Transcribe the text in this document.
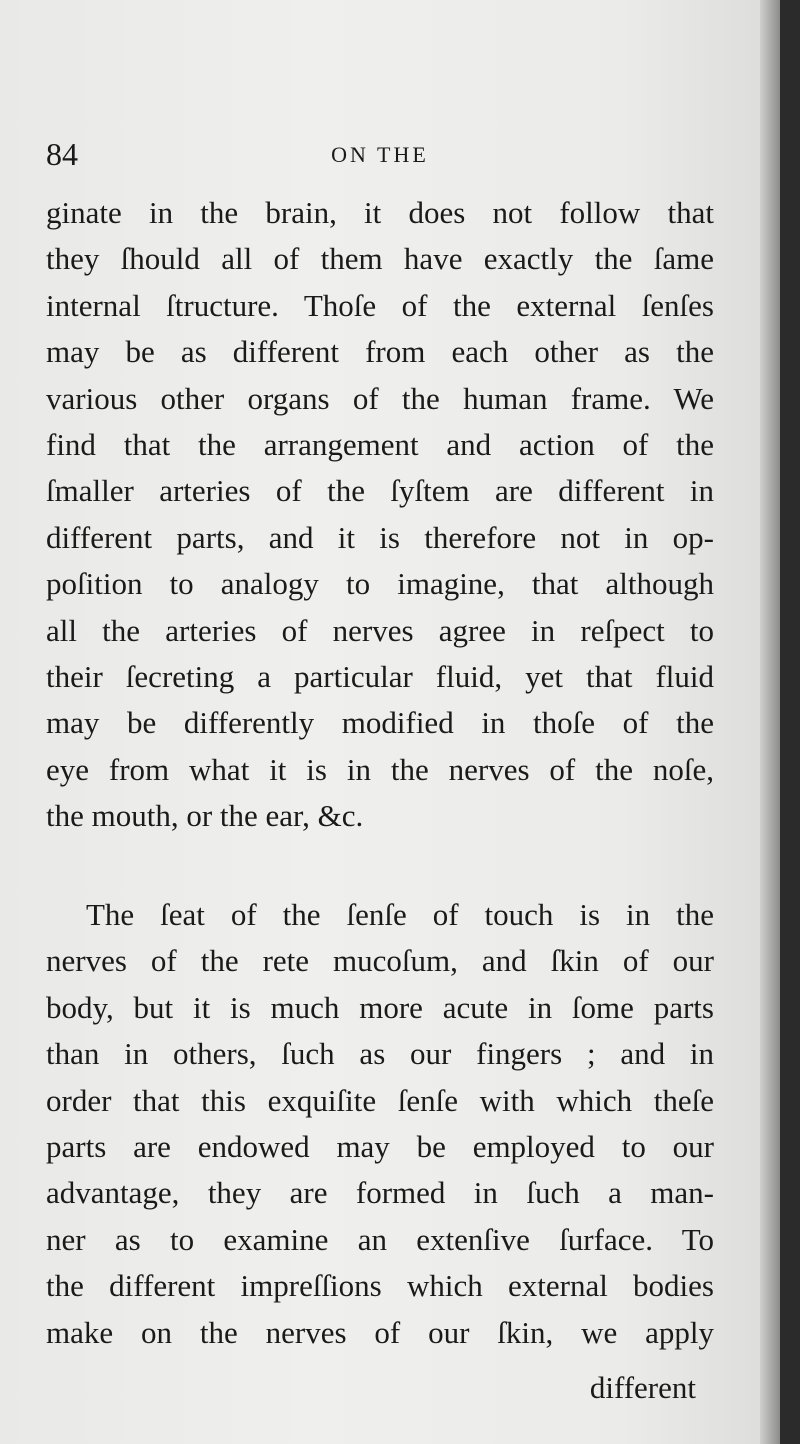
84	ON THE
ginate in the brain, it does not follow that
they ſhould all of them have exactly the ſame
internal ſtructure. Thoſe of the external ſenſes
may be as different from each other as the
various other organs of the human frame. We
find that the arrangement and action of the
ſmaller arteries of the ſyſtem are different in
different parts, and it is therefore not in op-
poſition to analogy to imagine, that although
all the arteries of nerves agree in reſpect to
their ſecreting a particular fluid, yet that fluid
may be differently modified in thoſe of the
eye from what it is in the nerves of the noſe,
the mouth, or the ear, &c.
The ſeat of the ſenſe of touch is in the
nerves of the rete mucoſum, and ſkin of our
body, but it is much more acute in ſome parts
than in others, ſuch as our fingers ; and in
order that this exquiſite ſenſe with which theſe
parts are endowed may be employed to our
advantage, they are formed in ſuch a man-
ner as to examine an extenſive ſurface. To
the different impreſſions which external bodies
make on the nerves of our ſkin, we apply
different
